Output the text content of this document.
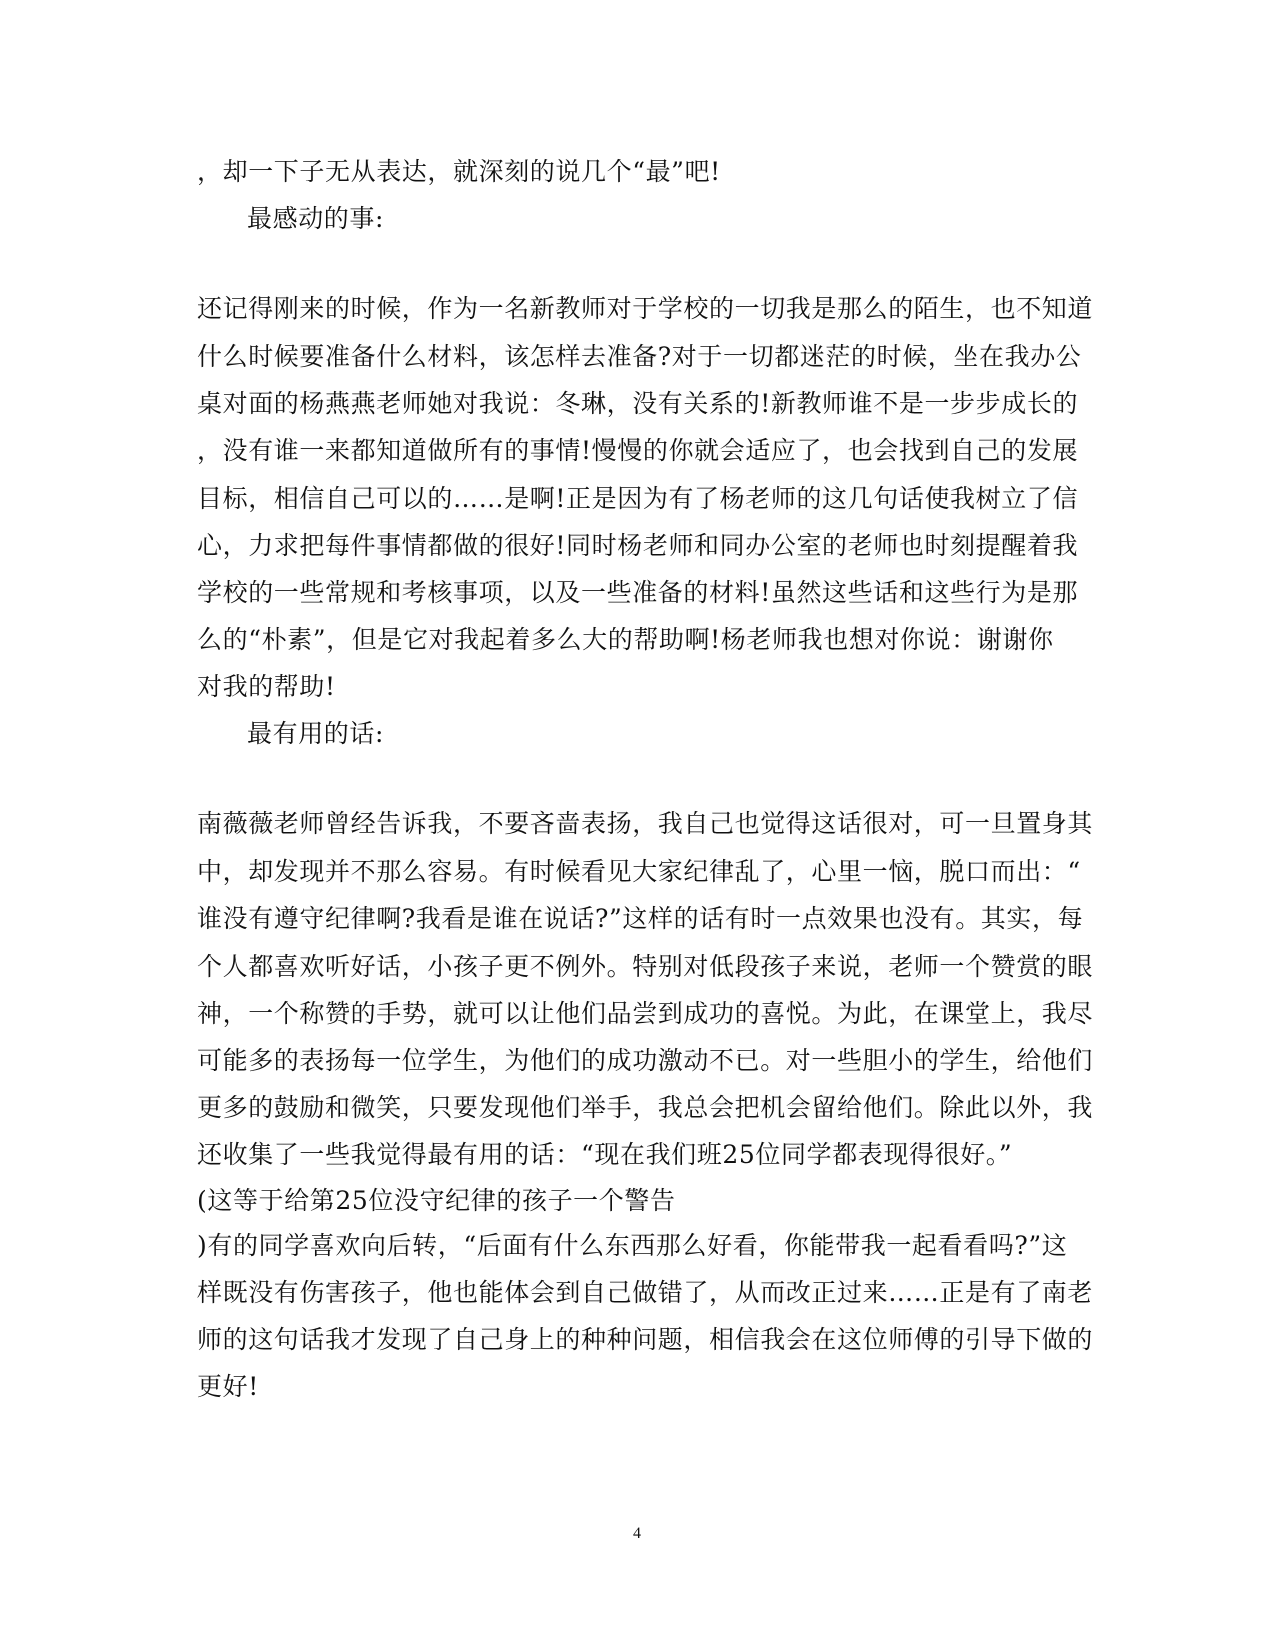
，却一下子无从表达，就深刻的说几个“最”吧!
最感动的事:
还记得刚来的时候，作为一名新教师对于学校的一切我是那么的陌生，也不知道
什么时候要准备什么材料，该怎样去准备?对于一切都迷茫的时候，坐在我办公
桌对面的杨燕燕老师她对我说：冬琳，没有关系的!新教师谁不是一步步成长的
，没有谁一来都知道做所有的事情!慢慢的你就会适应了，也会找到自己的发展
目标，相信自己可以的……是啊!正是因为有了杨老师的这几句话使我树立了信
心，力求把每件事情都做的很好!同时杨老师和同办公室的老师也时刻提醒着我
学校的一些常规和考核事项，以及一些准备的材料!虽然这些话和这些行为是那
么的“朴素”，但是它对我起着多么大的帮助啊!杨老师我也想对你说：谢谢你
对我的帮助!
最有用的话:
南薇薇老师曾经告诉我，不要吝啬表扬，我自己也觉得这话很对，可一旦置身其
中，却发现并不那么容易。有时候看见大家纪律乱了，心里一恼，脱口而出：“
谁没有遵守纪律啊?我看是谁在说话?”这样的话有时一点效果也没有。其实，每
个人都喜欢听好话，小孩子更不例外。特别对低段孩子来说，老师一个赞赏的眼
神，一个称赞的手势，就可以让他们品尝到成功的喜悦。为此，在课堂上，我尽
可能多的表扬每一位学生，为他们的成功激动不已。对一些胆小的学生，给他们
更多的鼓励和微笑，只要发现他们举手，我总会把机会留给他们。除此以外，我
还收集了一些我觉得最有用的话：“现在我们班25位同学都表现得很好。”
(这等于给第25位没守纪律的孩子一个警告
)有的同学喜欢向后转，“后面有什么东西那么好看，你能带我一起看看吗?”这
样既没有伤害孩子，他也能体会到自己做错了，从而改正过来……正是有了南老
师的这句话我才发现了自己身上的种种问题，相信我会在这位师傅的引导下做的
更好!
4
